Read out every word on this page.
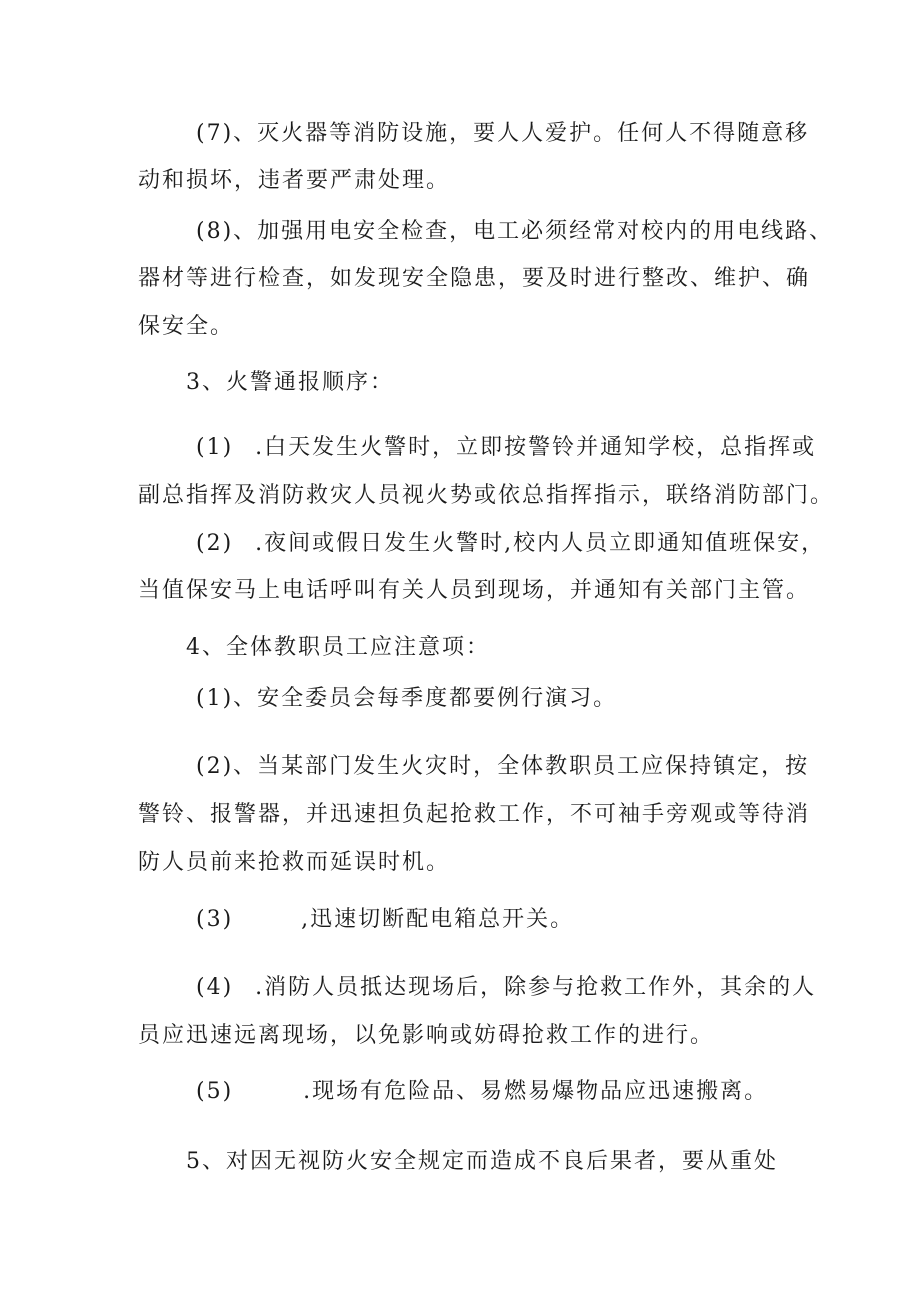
(7)、灭火器等消防设施，要人人爱护。任何人不得随意移
动和损坏，违者要严肃处理。
(8)、加强用电安全检查，电工必须经常对校内的用电线路、
器材等进行检查，如发现安全隐患，要及时进行整改、维护、确
保安全。
3、火警通报顺序：
(1) .白天发生火警时，立即按警铃并通知学校，总指挥或
副总指挥及消防救灾人员视火势或依总指挥指示，联络消防部门。
(2) .夜间或假日发生火警时,校内人员立即通知值班保安，
当值保安马上电话呼叫有关人员到现场，并通知有关部门主管。
4、全体教职员工应注意项：
(1)、安全委员会每季度都要例行演习。
(2)、当某部门发生火灾时，全体教职员工应保持镇定，按
警铃、报警器，并迅速担负起抢救工作，不可袖手旁观或等待消
防人员前来抢救而延误时机。
(3)	,迅速切断配电箱总开关。
(4) .消防人员抵达现场后，除参与抢救工作外，其余的人
员应迅速远离现场，以免影响或妨碍抢救工作的进行。
(5)	.现场有危险品、易燃易爆物品应迅速搬离。
5、对因无视防火安全规定而造成不良后果者，要从重处
